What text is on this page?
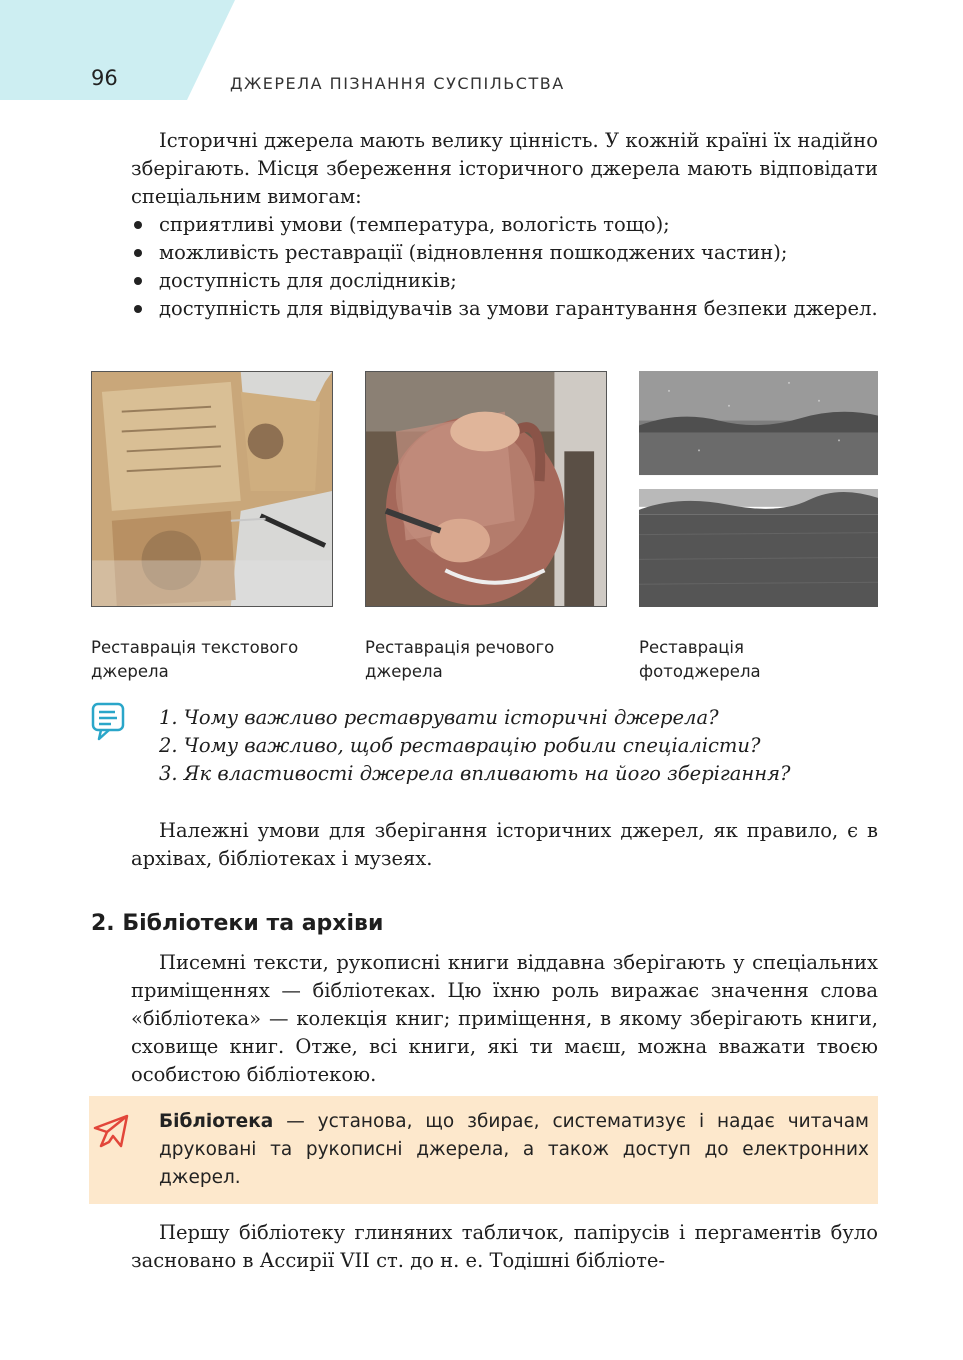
96	ДЖЕРЕЛА ПІЗНАННЯ СУСПІЛЬСТВА

Історичні джерела мають велику цінність. У кожній країні їх надійно зберігають. Місця збереження історичного джерела мають відповідати спеціальним вимогам:

сприятливі умови (температура, вологість тощо);
можливість реставрації (відновлення пошкоджених частин);
доступність для дослідників;
доступність для відвідувачів за умови гарантування безпеки джерел.
Реставрація текстового джерела
Реставрація речового джерела
Реставрація фотоджерела
1. Чому важливо реставрувати історичні джерела?
2. Чому важливо, щоб реставрацію робили спеціалісти?
3. Як властивості джерела впливають на його зберігання?

Належні умови для зберігання історичних джерел, як правило, є в архівах, бібліотеках і музеях.

2. Бібліотеки та архіви

Писемні тексти, рукописні книги віддавна зберігають у спеціальних приміщеннях — бібліотеках. Цю їхню роль виражає значення слова «бібліотека» — колекція книг; приміщення, в якому зберігають книги, сховище книг. Отже, всі книги, які ти маєш, можна вважати твоєю особистою бібліотекою.

Бібліотека — установа, що збирає, систематизує і надає читачам друковані та рукописні джерела, а також доступ до електронних джерел.

Першу бібліотеку глиняних табличок, папірусів і пергаментів було засновано в Ассирії VII ст. до н. е. Тодішні бібліоте-
